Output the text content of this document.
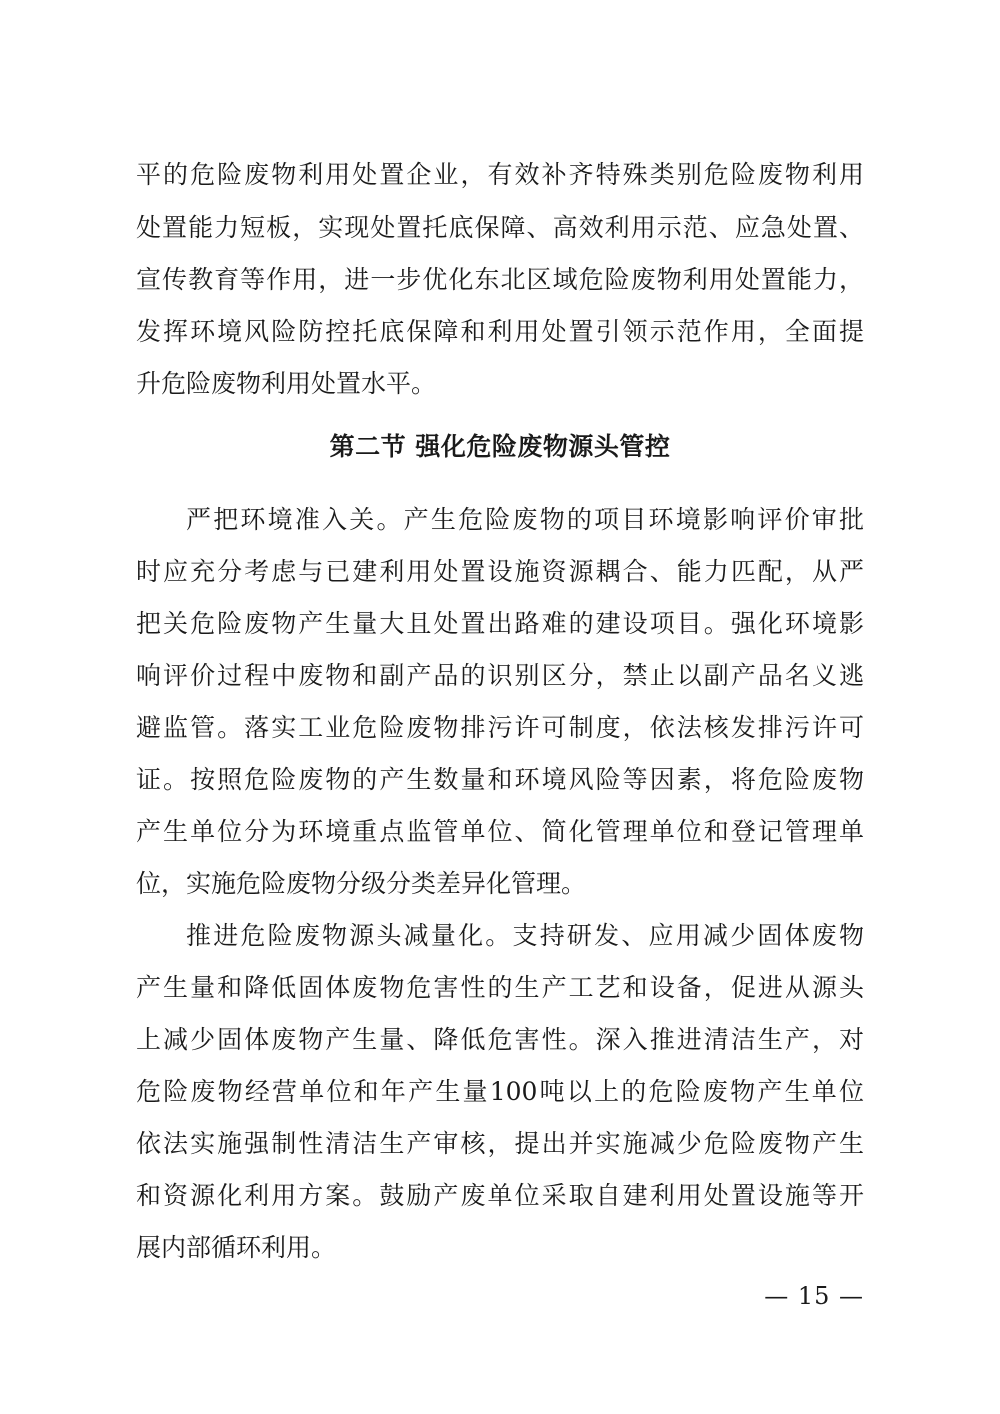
平的危险废物利用处置企业，有效补齐特殊类别危险废物利用
处置能力短板，实现处置托底保障、高效利用示范、应急处置、
宣传教育等作用，进一步优化东北区域危险废物利用处置能力，
发挥环境风险防控托底保障和利用处置引领示范作用，全面提
升危险废物利用处置水平。
第二节 强化危险废物源头管控
严把环境准入关。产生危险废物的项目环境影响评价审批
时应充分考虑与已建利用处置设施资源耦合、能力匹配，从严
把关危险废物产生量大且处置出路难的建设项目。强化环境影
响评价过程中废物和副产品的识别区分，禁止以副产品名义逃
避监管。落实工业危险废物排污许可制度，依法核发排污许可
证。按照危险废物的产生数量和环境风险等因素，将危险废物
产生单位分为环境重点监管单位、简化管理单位和登记管理单
位，实施危险废物分级分类差异化管理。
推进危险废物源头减量化。支持研发、应用减少固体废物
产生量和降低固体废物危害性的生产工艺和设备，促进从源头
上减少固体废物产生量、降低危害性。深入推进清洁生产，对
危险废物经营单位和年产生量100吨以上的危险废物产生单位
依法实施强制性清洁生产审核，提出并实施减少危险废物产生
和资源化利用方案。鼓励产废单位采取自建利用处置设施等开
展内部循环利用。
— 15 —
